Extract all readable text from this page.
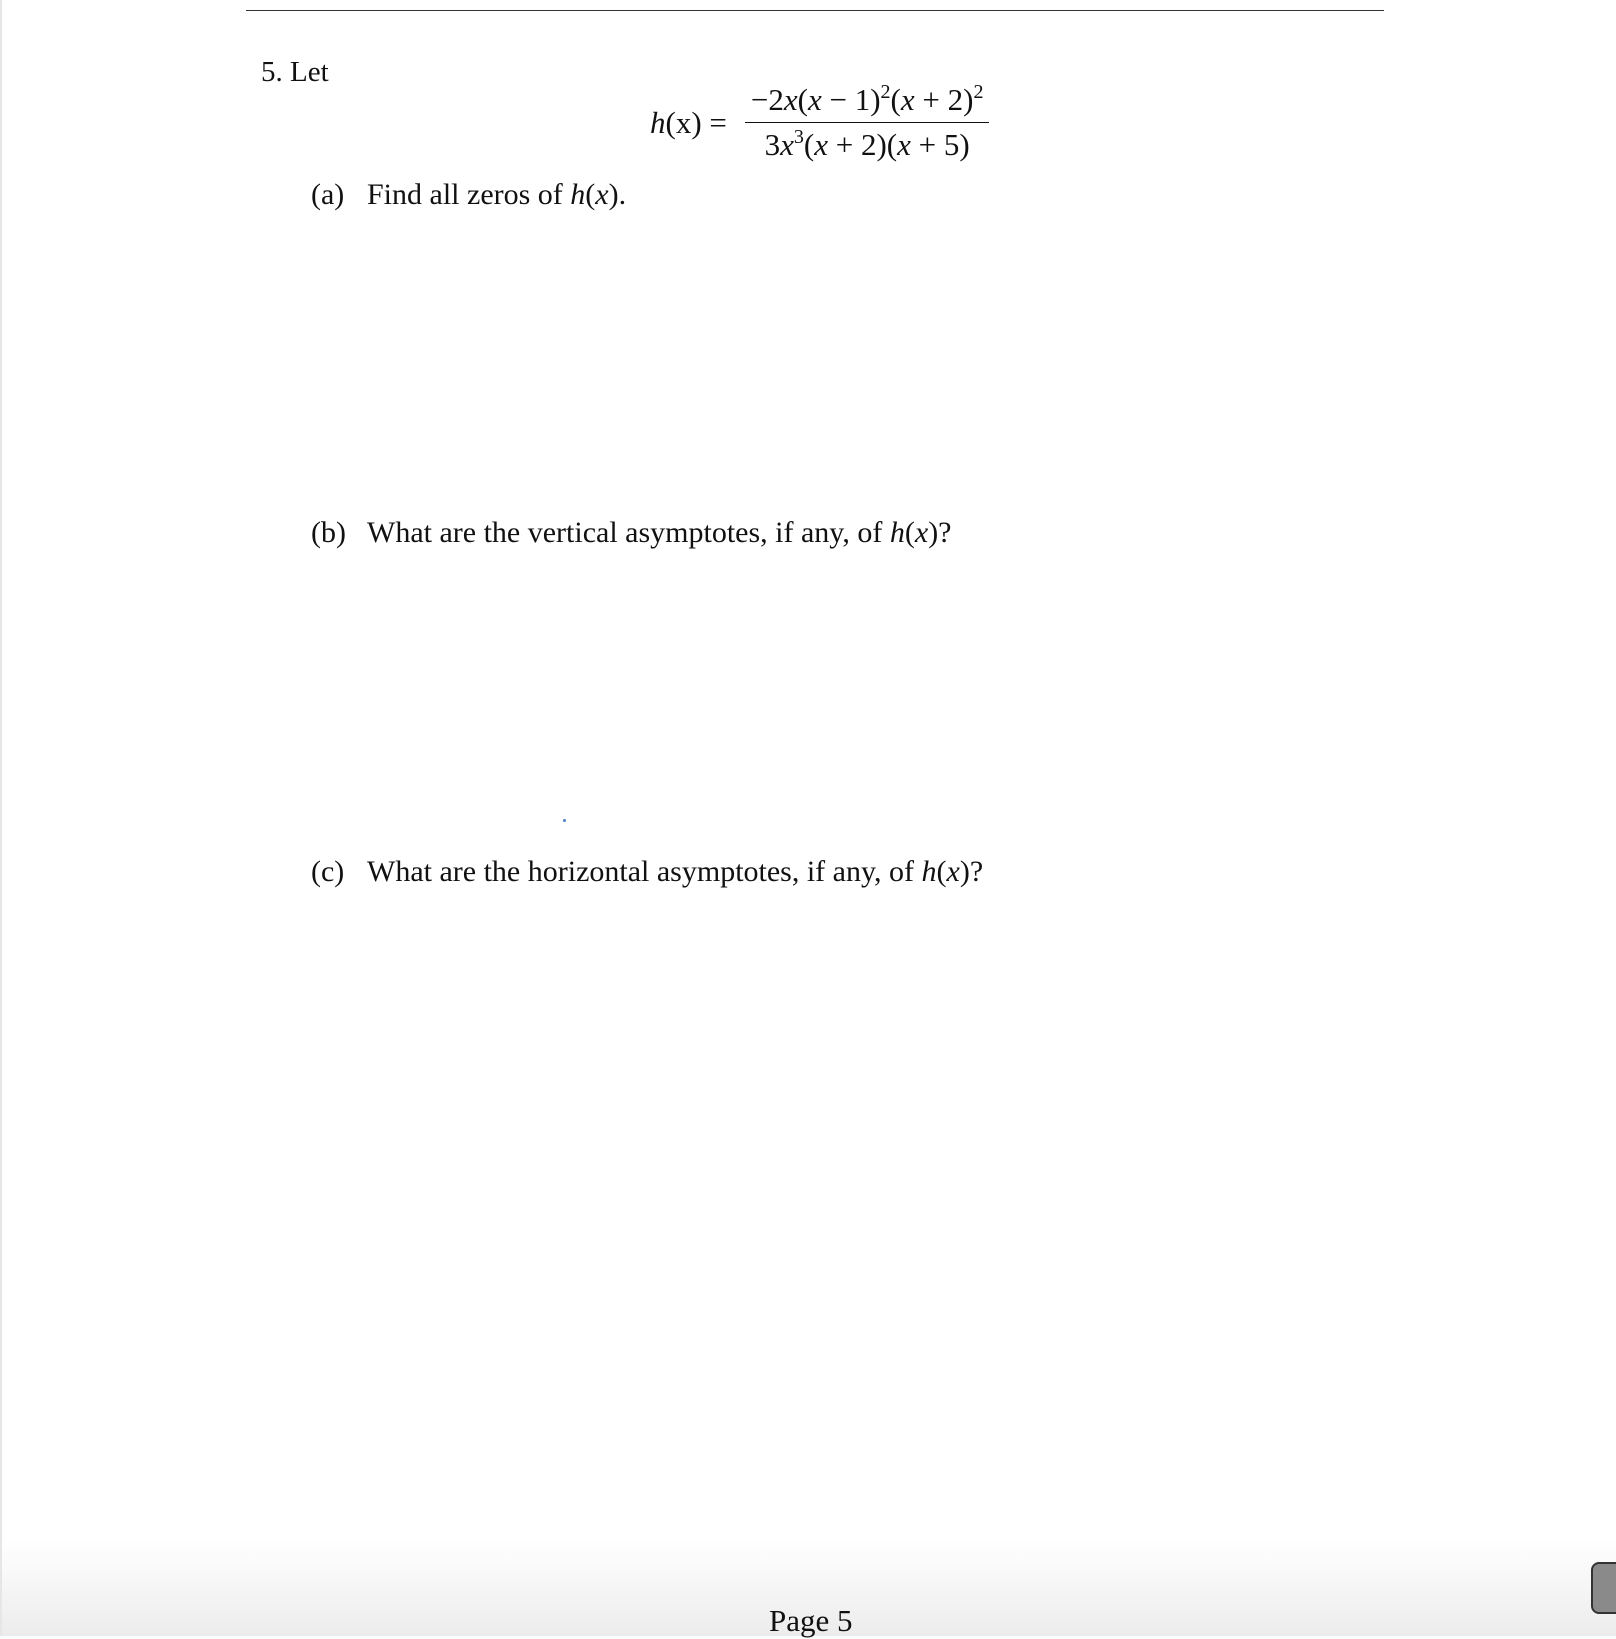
5. Let
$h(x) = \frac{-2x(x - 1)^2(x + 2)^2}{3x^3(x + 2)(x + 5)}$
(a) Find all zeros of h(x).
(b) What are the vertical asymptotes, if any, of h(x)?
(c) What are the horizontal asymptotes, if any, of h(x)?
Page 5
